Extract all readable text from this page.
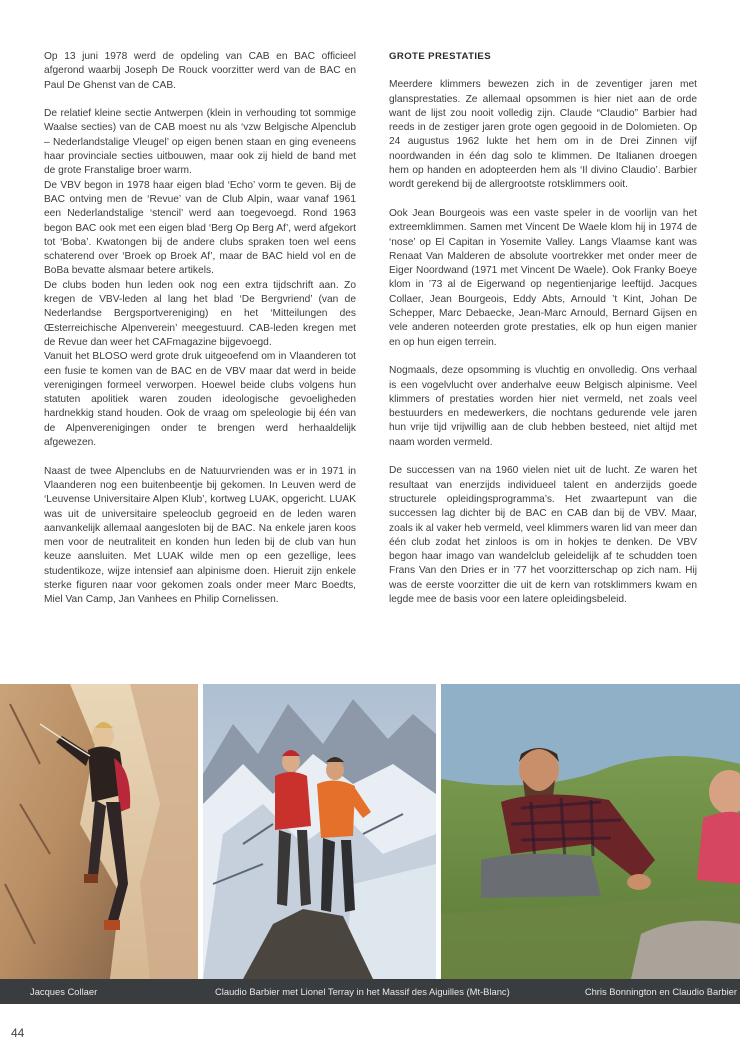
Op 13 juni 1978 werd de opdeling van CAB en BAC officieel afgerond waarbij Joseph De Rouck voorzitter werd van de BAC en Paul De Ghenst van de CAB.

De relatief kleine sectie Antwerpen (klein in verhouding tot sommige Waalse secties) van de CAB moest nu als ‘vzw Belgische Alpenclub – Nederlandstalige Vleugel’ op eigen benen staan en ging eveneens haar provinciale secties uitbouwen, maar ook zij hield de band met de grote Franstalige broer warm.

De VBV begon in 1978 haar eigen blad ‘Echo’ vorm te geven. Bij de BAC ontving men de ‘Revue’ van de Club Alpin, waar vanaf 1961 een Nederlandstalige ‘stencil’ werd aan toegevoegd. Rond 1963 begon BAC ook met een eigen blad ‘Berg Op Berg Af’, werd afgekort tot ‘Boba’. Kwatongen bij de andere clubs spraken toen wel eens schaterend over ‘Broek op Broek Af’, maar de BAC hield vol en de BoBa bevatte alsmaar betere artikels.

De clubs boden hun leden ook nog een extra tijdschrift aan. Zo kregen de VBV-leden al lang het blad ‘De Bergvriend’ (van de Nederlandse Bergsportvereniging) en het ‘Mitteilungen des Œsterreichische Alpenverein’ meegestuurd. CAB-leden kregen met de Revue dan weer het CAFmagazine bijgevoegd.

Vanuit het BLOSO werd grote druk uitgeoefend om in Vlaanderen tot een fusie te komen van de BAC en de VBV maar dat werd in beide verenigingen formeel verworpen. Hoewel beide clubs volgens hun statuten apolitiek waren zouden ideologische gevoeligheden hardnekkig stand houden. Ook de vraag om speleologie bij één van de Alpenverenigingen onder te brengen werd herhaaldelijk afgewezen.

Naast de twee Alpenclubs en de Natuurvrienden was er in 1971 in Vlaanderen nog een buitenbeentje bij gekomen. In Leuven werd de ‘Leuvense Universitaire Alpen Klub’, kortweg LUAK, opgericht. LUAK was uit de universitaire speleoclub gegroeid en de leden waren aanvankelijk allemaal aangesloten bij de BAC. Na enkele jaren koos men voor de neutraliteit en konden hun leden bij de club van hun keuze aansluiten. Met LUAK wilde men op een gezellige, lees studentikoze, wijze intensief aan alpinisme doen. Hieruit zijn enkele sterke figuren naar voor gekomen zoals onder meer Marc Boedts, Miel Van Camp, Jan Vanhees en Philip Cornelissen.

GROTE PRESTATIES

Meerdere klimmers bewezen zich in de zeventiger jaren met glansprestaties. Ze allemaal opsommen is hier niet aan de orde want de lijst zou nooit volledig zijn. Claude “Claudio” Barbier had reeds in de zestiger jaren grote ogen gegooid in de Dolomieten. Op 24 augustus 1962 lukte het hem om in de Drei Zinnen vijf noordwanden in één dag solo te klimmen. De Italianen droegen hem op handen en adopteerden hem als ‘Il divino Claudio’. Barbier wordt gerekend bij de allergrootste rotsklimmers ooit.

Ook Jean Bourgeois was een vaste speler in de voorlijn van het extreemklimmen. Samen met Vincent De Waele klom hij in 1974 de ‘nose’ op El Capitan in Yosemite Valley. Langs Vlaamse kant was Renaat Van Malderen de absolute voortrekker met onder meer de Eiger Noordwand (1971 met Vincent De Waele). Ook Franky Boeye klom in ’73 al de Eigerwand op negentienjarige leeftijd. Jacques Collaer, Jean Bourgeois, Eddy Abts, Arnould ’t Kint, Johan De Schepper, Marc Debaecke, Jean-Marc Arnould, Bernard Gijsen en vele anderen noteerden grote prestaties, elk op hun eigen manier en op hun eigen terrein.

Nogmaals, deze opsomming is vluchtig en onvolledig. Ons verhaal is een vogelvlucht over anderhalve eeuw Belgisch alpinisme. Veel klimmers of prestaties worden hier niet vermeld, net zoals veel bestuurders en medewerkers, die nochtans gedurende vele jaren hun vrije tijd vrijwillig aan de club hebben besteed, niet altijd met naam worden vermeld.

De successen van na 1960 vielen niet uit de lucht. Ze waren het resultaat van enerzijds individueel talent en anderzijds goede structurele opleidingsprogramma’s. Het zwaartepunt van die successen lag dichter bij de BAC en CAB dan bij de VBV. Maar, zoals ik al vaker heb vermeld, veel klimmers waren lid van meer dan één club zodat het zinloos is om in hokjes te denken. De VBV begon haar imago van wandelclub geleidelijk af te schudden toen Frans Van den Dries er in ’77 het voorzitterschap op zich nam. Hij was de eerste voorzitter die uit de kern van rotsklimmers kwam en legde mee de basis voor een latere opleidingsbeleid.

Jacques Collaer	Claudio Barbier met Lionel Terray in het Massif des Aiguilles (Mt-Blanc)	Chris Bonnington en Claudio Barbier
44
